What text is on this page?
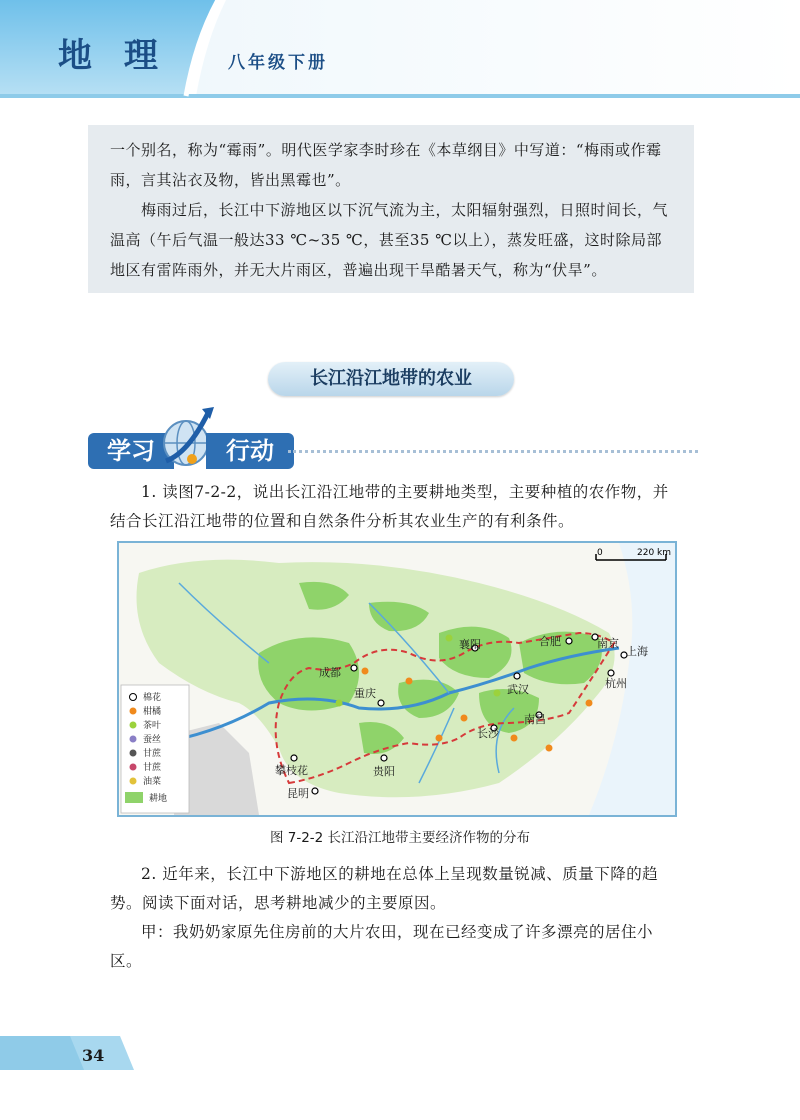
地 理	八年级下册

一个别名，称为“霉雨”。明代医学家李时珍在《本草纲目》中写道：“梅雨或作霉雨，言其沾衣及物，皆出黑霉也”。

梅雨过后，长江中下游地区以下沉气流为主，太阳辐射强烈，日照时间长，气温高（午后气温一般达33 ℃~35 ℃，甚至35 ℃以上），蒸发旺盛，这时除局部地区有雷阵雨外，并无大片雨区，普遍出现干旱酷暑天气，称为“伏旱”。

长江沿江地带的农业
学习	行动

1. 读图7-2-2，说出长江沿江地带的主要耕地类型，主要种植的农作物，并结合长江沿江地带的位置和自然条件分析其农业生产的有利条件。

0	220 km
成都
重庆
襄阳
武汉
合肥	南京
上海
杭州
南昌
长沙
贵阳
攀枝花
昆明
棉花
柑橘
茶叶
蚕丝
甘蔗
甘蔗
油菜
耕地
图 7-2-2 长江沿江地带主要经济作物的分布

2. 近年来，长江中下游地区的耕地在总体上呈现数量锐减、质量下降的趋势。阅读下面对话，思考耕地减少的主要原因。

甲：我奶奶家原先住房前的大片农田，现在已经变成了许多漂亮的居住小区。

34
